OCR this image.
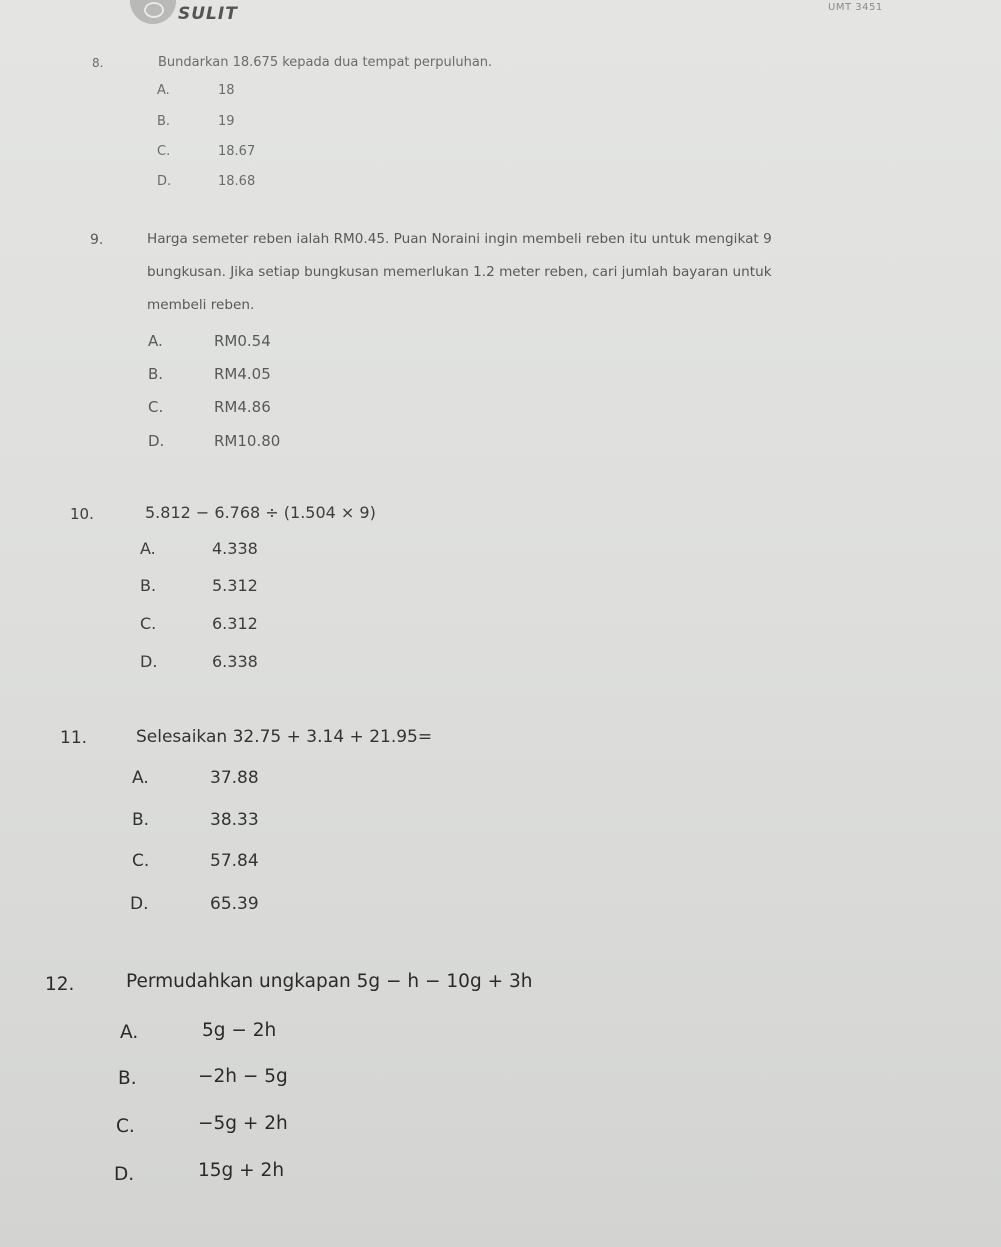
SULIT	UMT 3451
8.	Bundarkan 18.675 kepada dua tempat perpuluhan.
A.	18
B.	19
C.	18.67
D.	18.68
9.	Harga semeter reben ialah RM0.45. Puan Noraini ingin membeli reben itu untuk mengikat 9
bungkusan. Jika setiap bungkusan memerlukan 1.2 meter reben, cari jumlah bayaran untuk
membeli reben.
A.	RM0.54
B.	RM4.05
C.	RM4.86
D.	RM10.80
10.	5.812 − 6.768 ÷ (1.504 × 9)
A.	4.338
B.	5.312
C.	6.312
D.	6.338
11.	Selesaikan 32.75 + 3.14 + 21.95=
A.	37.88
B.	38.33
C.	57.84
D.	65.39
12.	Permudahkan ungkapan 5g − h − 10g + 3h
A.	5g − 2h
B.	−2h − 5g
C.	−5g + 2h
D.	15g + 2h
